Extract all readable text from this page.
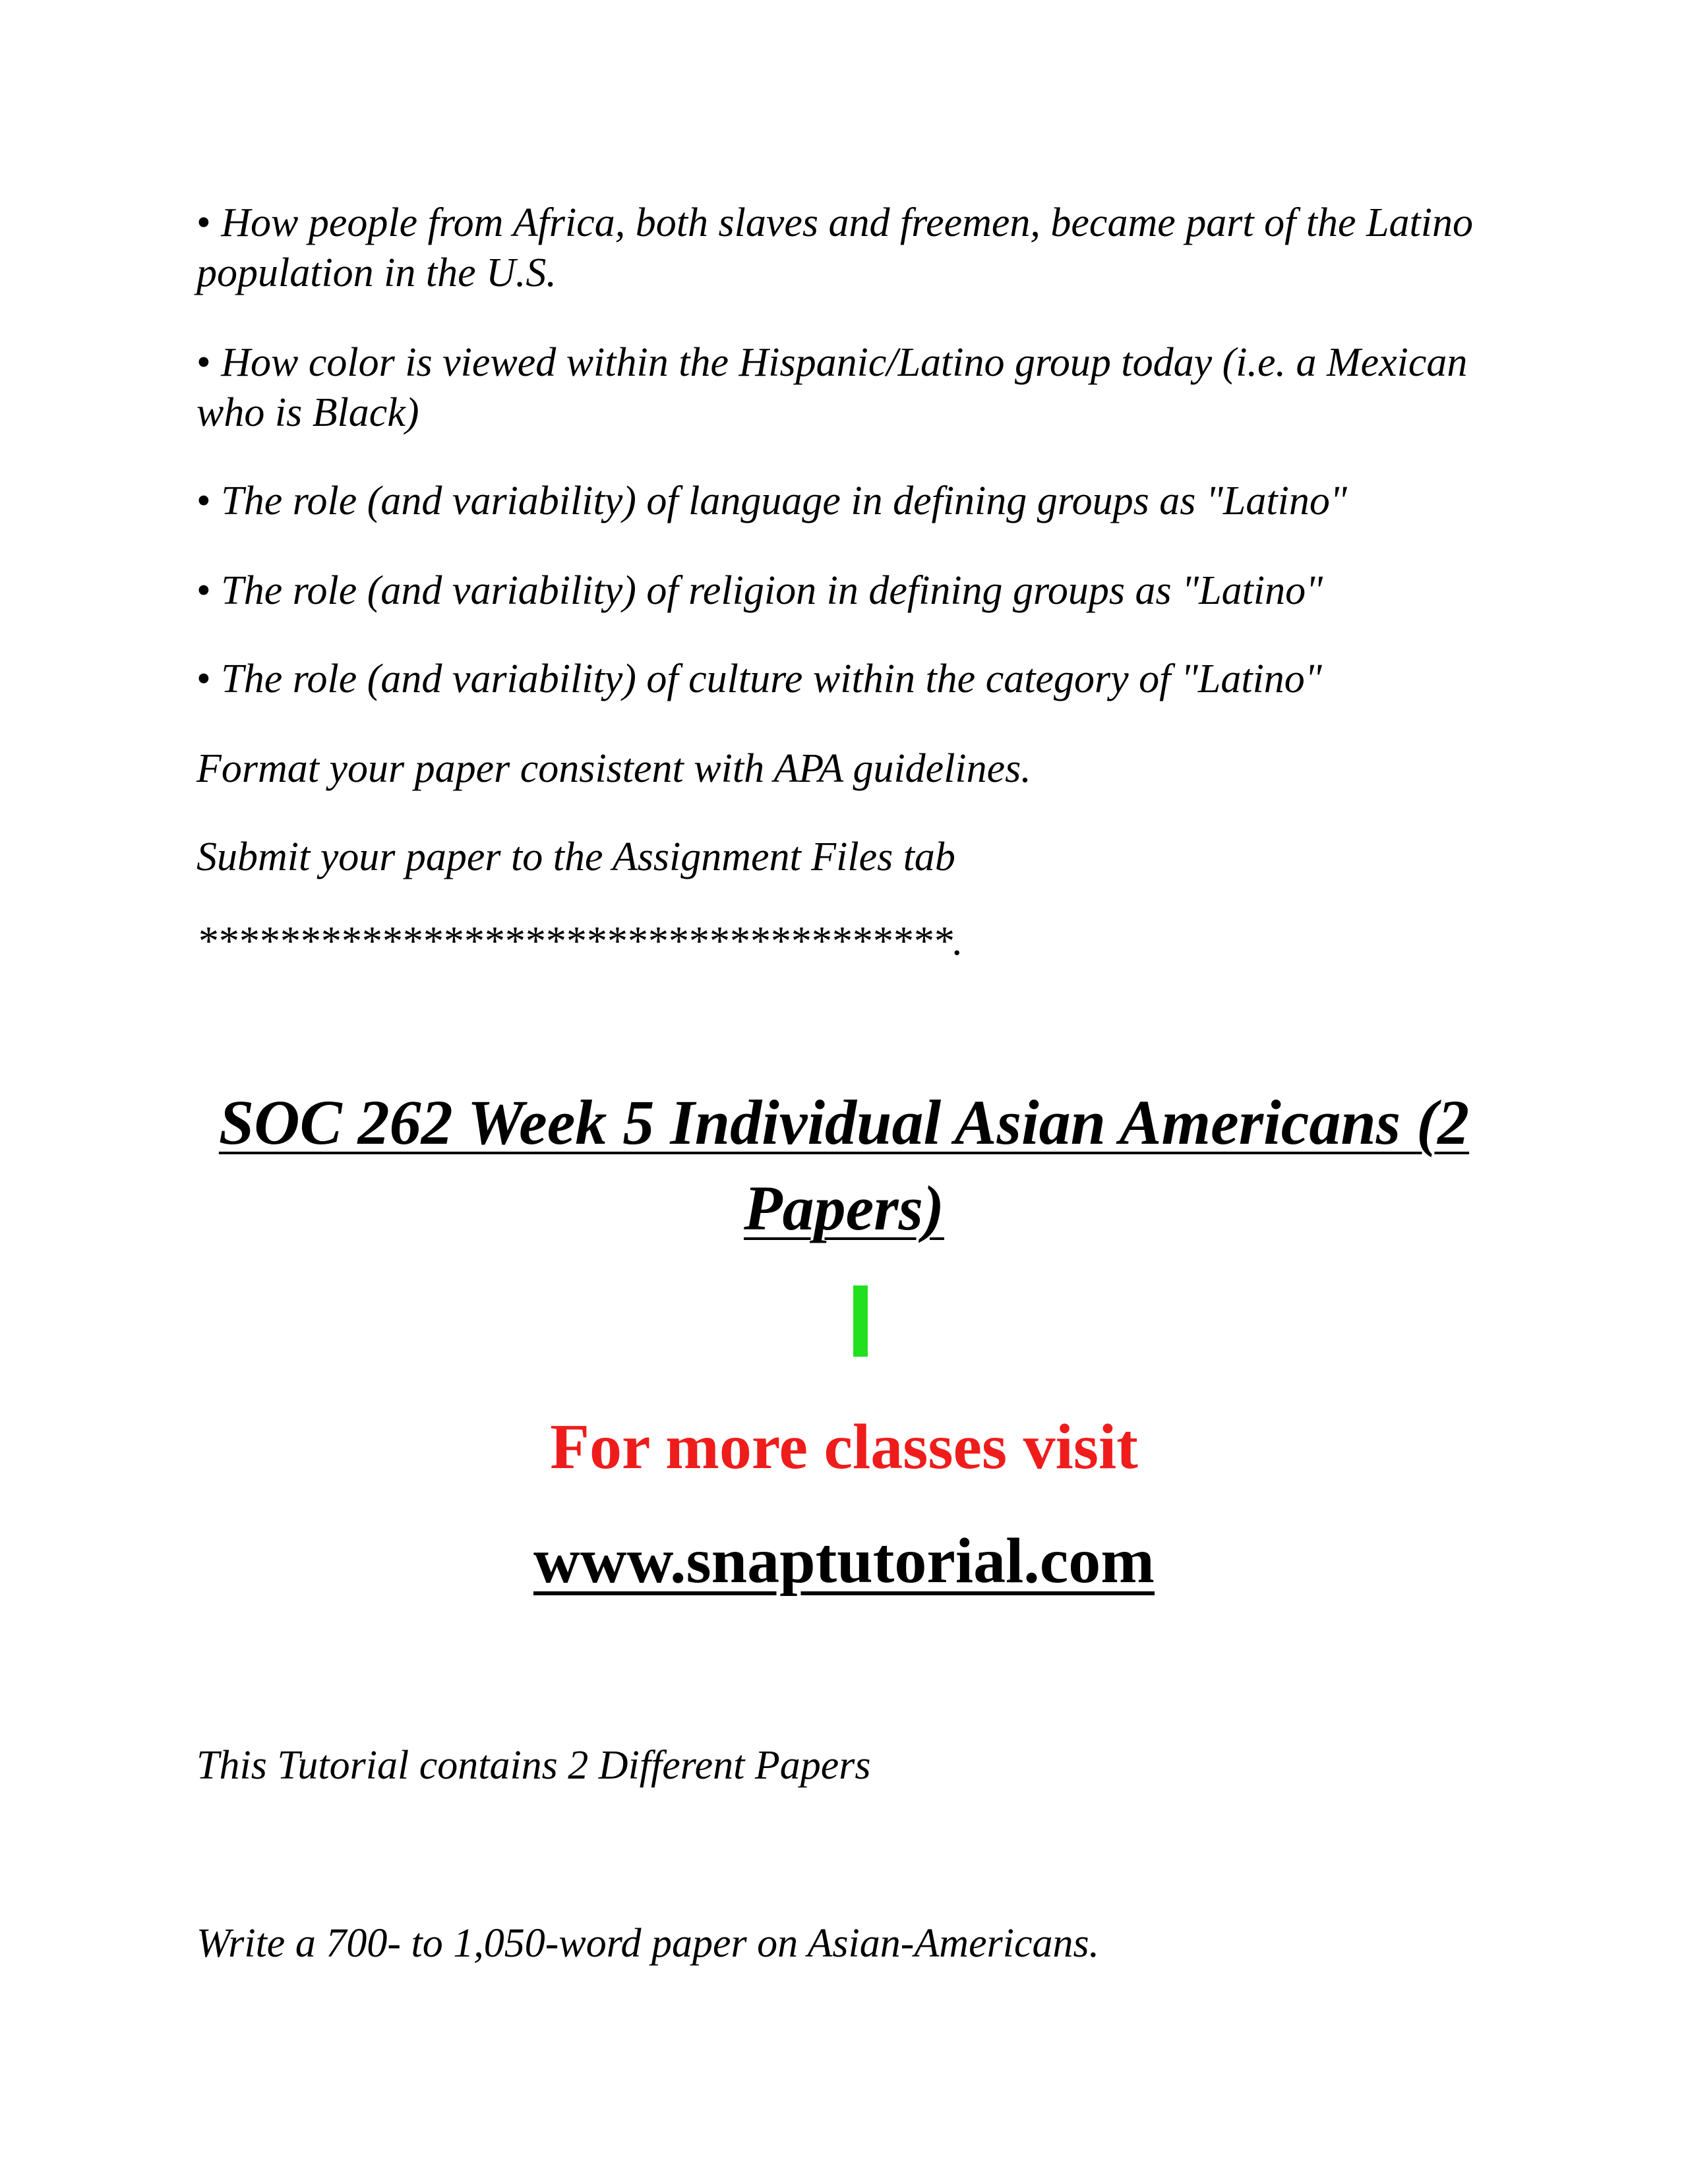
• How people from Africa, both slaves and freemen, became part of the Latino population in the U.S.

• How color is viewed within the Hispanic/Latino group today (i.e. a Mexican who is Black)

• The role (and variability) of language in defining groups as "Latino"

• The role (and variability) of religion in defining groups as "Latino"

• The role (and variability) of culture within the category of "Latino"

Format your paper consistent with APA guidelines.

Submit your paper to the Assignment Files tab

*************************************.

SOC 262 Week 5 Individual Asian Americans (2 Papers)

For more classes visit

www.snaptutorial.com

This Tutorial contains 2 Different Papers

Write a 700- to 1,050-word paper on Asian-Americans.
